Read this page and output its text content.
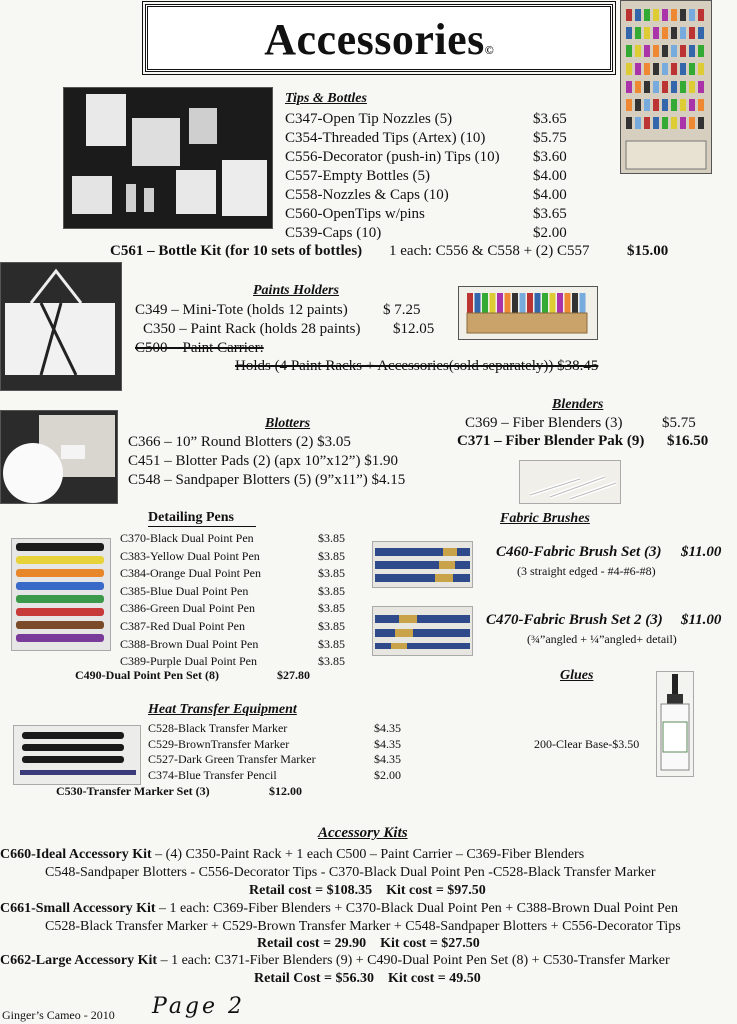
Accessories©
Tips & Bottles
C347-Open Tip Nozzles (5)	$3.65
C354-Threaded Tips (Artex) (10)	$5.75
C556-Decorator (push-in) Tips (10) $3.60
C557-Empty Bottles (5)	$4.00
C558-Nozzles & Caps (10)	$4.00
C560-OpenTips w/pins	$3.65
C539-Caps (10)	$2.00
C561 – Bottle Kit (for 10 sets of bottles) 1 each: C556 & C558 + (2) C557 $15.00
Paints Holders
C349 – Mini-Tote (holds 12 paints) $ 7.25
C350 – Paint Rack (holds 28 paints) $12.05
C500 – Paint Carrier:
Holds (4 Paint Racks + Accessories(sold separately)) $38.45
Blotters
C366 – 10” Round Blotters (2) $3.05
C451 – Blotter Pads (2) (apx 10”x12”) $1.90
C548 – Sandpaper Blotters (5) (9”x11”) $4.15
Blenders
C369 – Fiber Blenders (3)	$5.75
C371 – Fiber Blender Pak (9) $16.50
Detailing Pens
C370-Black Dual Point Pen	$3.85
C383-Yellow Dual Point Pen	$3.85
C384-Orange Dual Point Pen	$3.85
C385-Blue Dual Point Pen	$3.85
C386-Green Dual Point Pen	$3.85
C387-Red Dual Point Pen	$3.85
C388-Brown Dual Point Pen	$3.85
C389-Purple Dual Point Pen	$3.85
C490-Dual Point Pen Set (8)	$27.80
Fabric Brushes
C460-Fabric Brush Set (3) $11.00
(3 straight edged - #4-#6-#8)
C470-Fabric Brush Set 2 (3) $11.00
(¾”angled + ¼”angled+ detail)
Glues
200-Clear Base-$3.50
Heat Transfer Equipment
C528-Black Transfer Marker	$4.35
C529-BrownTransfer Marker	$4.35
C527-Dark Green Transfer Marker	$4.35
C374-Blue Transfer Pencil	$2.00
C530-Transfer Marker Set (3)	$12.00
Accessory Kits
C660-Ideal Accessory Kit – (4) C350-Paint Rack + 1 each C500 – Paint Carrier – C369-Fiber Blenders
C548-Sandpaper Blotters - C556-Decorator Tips - C370-Black Dual Point Pen -C528-Black Transfer Marker
Retail cost = $108.35    Kit cost = $97.50
C661-Small Accessory Kit – 1 each: C369-Fiber Blenders + C370-Black Dual Point Pen + C388-Brown Dual Point Pen
C528-Black Transfer Marker + C529-Brown Transfer Marker + C548-Sandpaper Blotters + C556-Decorator Tips
Retail cost = 29.90    Kit cost = $27.50
C662-Large Accessory Kit – 1 each: C371-Fiber Blenders (9) + C490-Dual Point Pen Set (8) + C530-Transfer Marker
Retail Cost = $56.30    Kit cost = 49.50
Ginger’s Cameo - 2010 Page 2
